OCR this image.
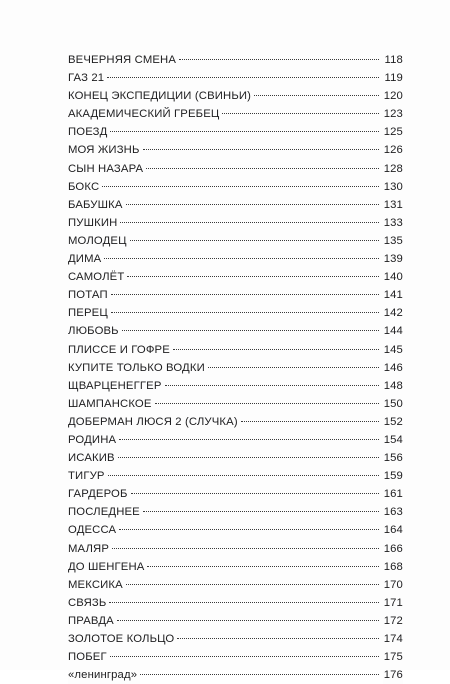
ВЕЧЕРНЯЯ СМЕНА	118
ГАЗ 21	119
КОНЕЦ ЭКСПЕДИЦИИ (СВИНЬИ)	120
АКАДЕМИЧЕСКИЙ ГРЕБЕЦ	123
ПОЕЗД	125
МОЯ ЖИЗНЬ	126
СЫН НАЗАРА	128
БОКС	130
БАБУШКА	131
ПУШКИН	133
МОЛОДЕЦ	135
ДИМА	139
САМОЛЁТ	140
ПОТАП	141
ПЕРЕЦ	142
ЛЮБОВЬ	144
ПЛИССЕ И ГОФРЕ	145
КУПИТЕ ТОЛЬКО ВОДКИ	146
ЩВАРЦЕНЕГГЕР	148
ШАМПАНСКОЕ	150
ДОБЕРМАН ЛЮСЯ 2 (СЛУЧКА)	152
РОДИНА	154
ИСАКИВ	156
ТИГУР	159
ГАРДЕРОБ	161
ПОСЛЕДНЕЕ	163
ОДЕССА	164
МАЛЯР	166
ДО ШЕНГЕНА	168
МЕКСИКА	170
СВЯЗЬ	171
ПРАВДА	172
ЗОЛОТОЕ КОЛЬЦО	174
ПОБЕГ	175
«ленинград»	176
